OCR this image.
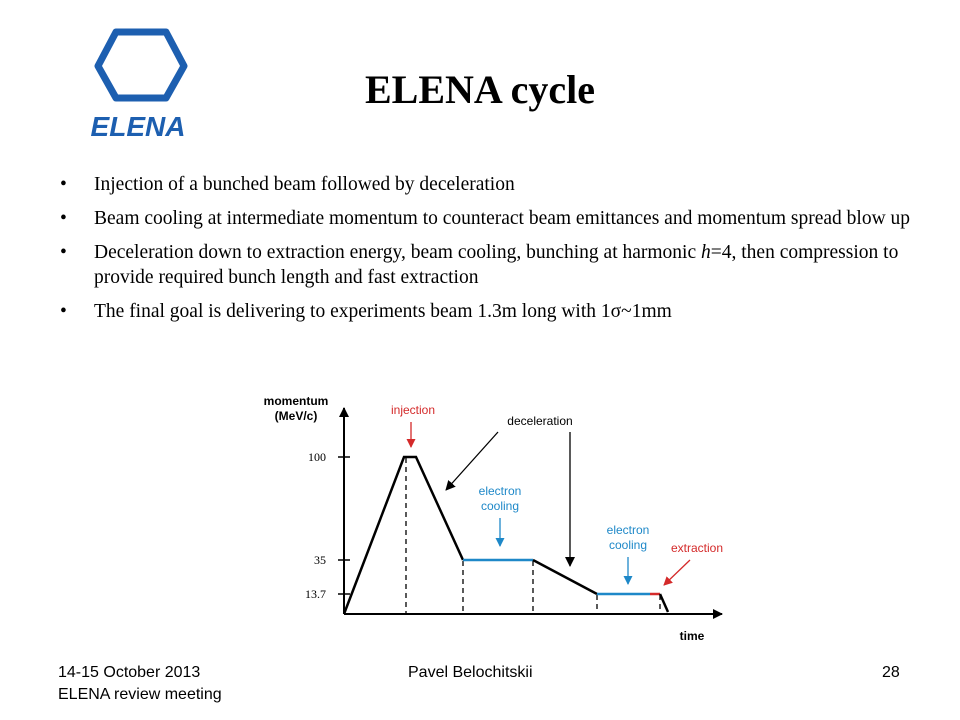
ELENA
ELENA cycle
• Injection of a bunched beam followed by deceleration
• Beam cooling at intermediate momentum to counteract beam emittances and momentum spread blow up
• Deceleration down to extraction energy, beam cooling, bunching at harmonic h=4, then compression to provide required bunch length and fast extraction
• The final goal is delivering to experiments beam 1.3m long with 1σ~1mm
momentum
(MeV/c)
time
100
35
13.7
injection
deceleration
electron
cooling
electron
cooling extraction
14-15 October 2013
ELENA review meeting
Pavel Belochitskii	28
